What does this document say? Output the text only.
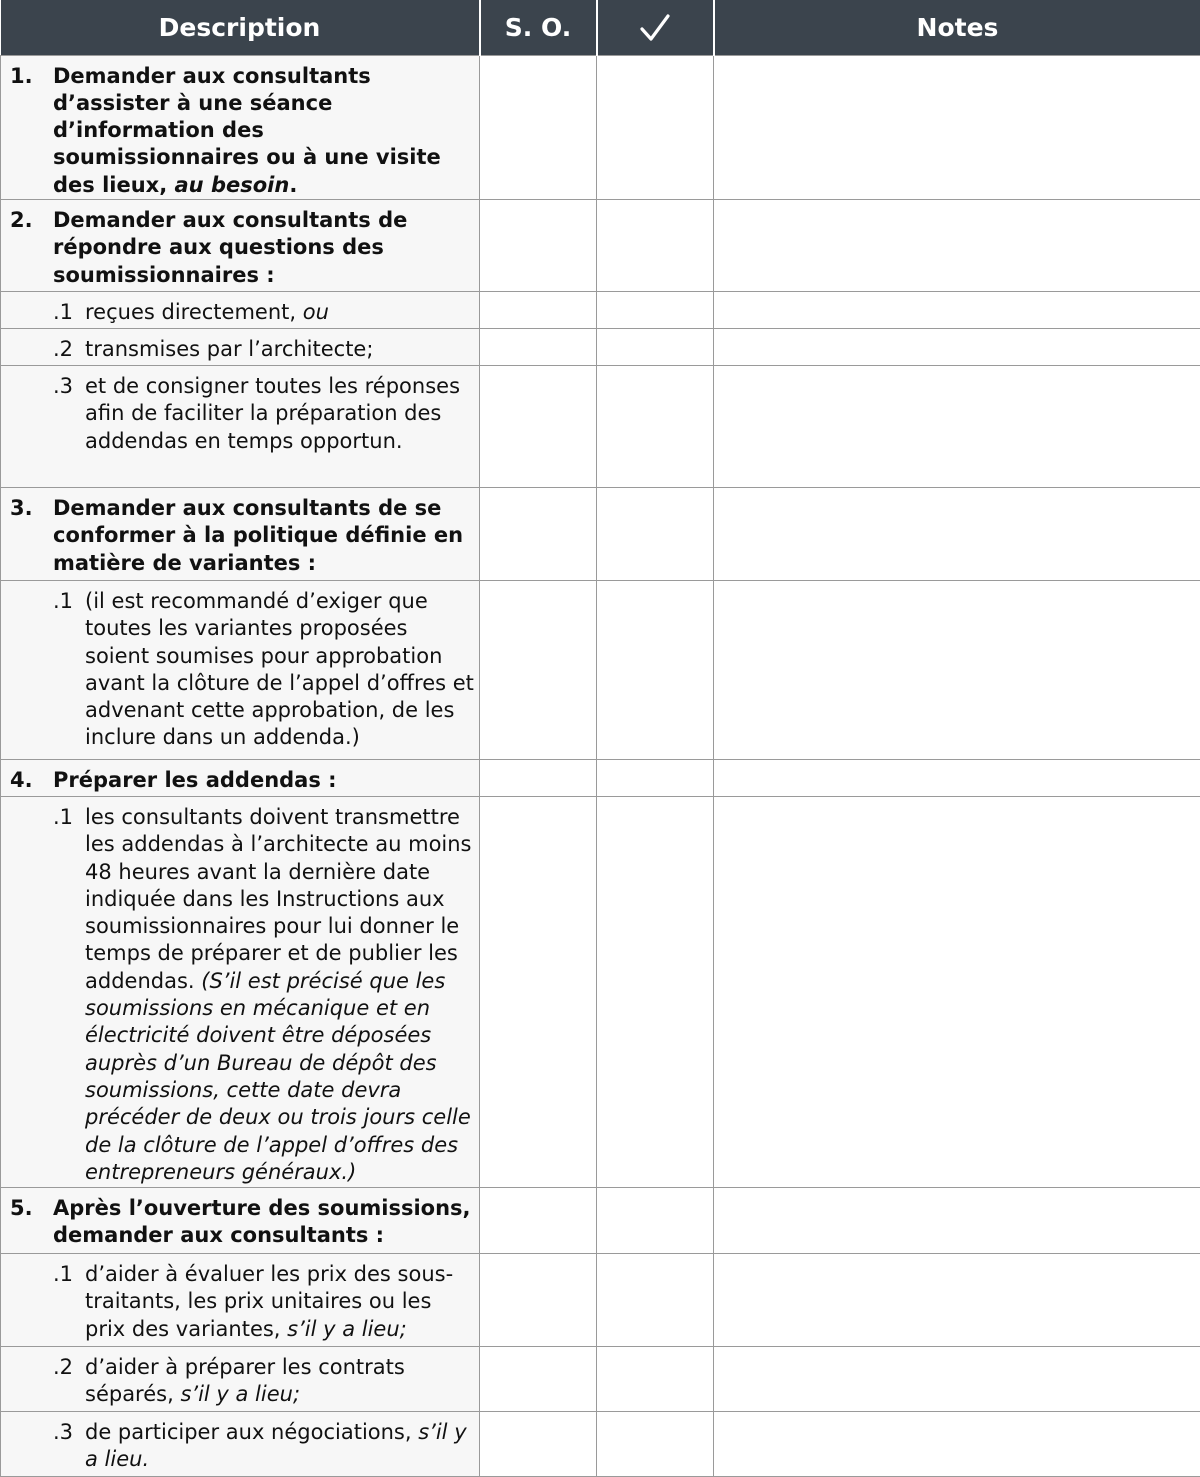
Description	S. O.		Notes

1. Demander aux consultants d’assister à une séance d’information des soumissionnaires ou à une visite des lieux, au besoin.			

2. Demander aux consultants de répondre aux questions des soumissionnaires :			

.1 reçues directement, ou			

.2 transmises par l’architecte;			

.3 et de consigner toutes les réponses afin de faciliter la préparation des addendas en temps opportun.			

3. Demander aux consultants de se conformer à la politique définie en matière de variantes :			

.1 (il est recommandé d’exiger que toutes les variantes proposées soient soumises pour approbation avant la clôture de l’appel d’offres et advenant cette approbation, de les inclure dans un addenda.)			

4. Préparer les addendas :			

.1 les consultants doivent transmettre les addendas à l’architecte au moins 48 heures avant la dernière date indiquée dans les Instructions aux soumissionnaires pour lui donner le temps de préparer et de publier les addendas. (S’il est précisé que les soumissions en mécanique et en électricité doivent être déposées auprès d’un Bureau de dépôt des soumissions, cette date devra précéder de deux ou trois jours celle de la clôture de l’appel d’offres des entrepreneurs généraux.)			

5. Après l’ouverture des soumissions, demander aux consultants :			

.1 d’aider à évaluer les prix des sous-traitants, les prix unitaires ou les prix des variantes, s’il y a lieu;			

.2 d’aider à préparer les contrats séparés, s’il y a lieu;			

.3 de participer aux négociations, s’il y a lieu.			
